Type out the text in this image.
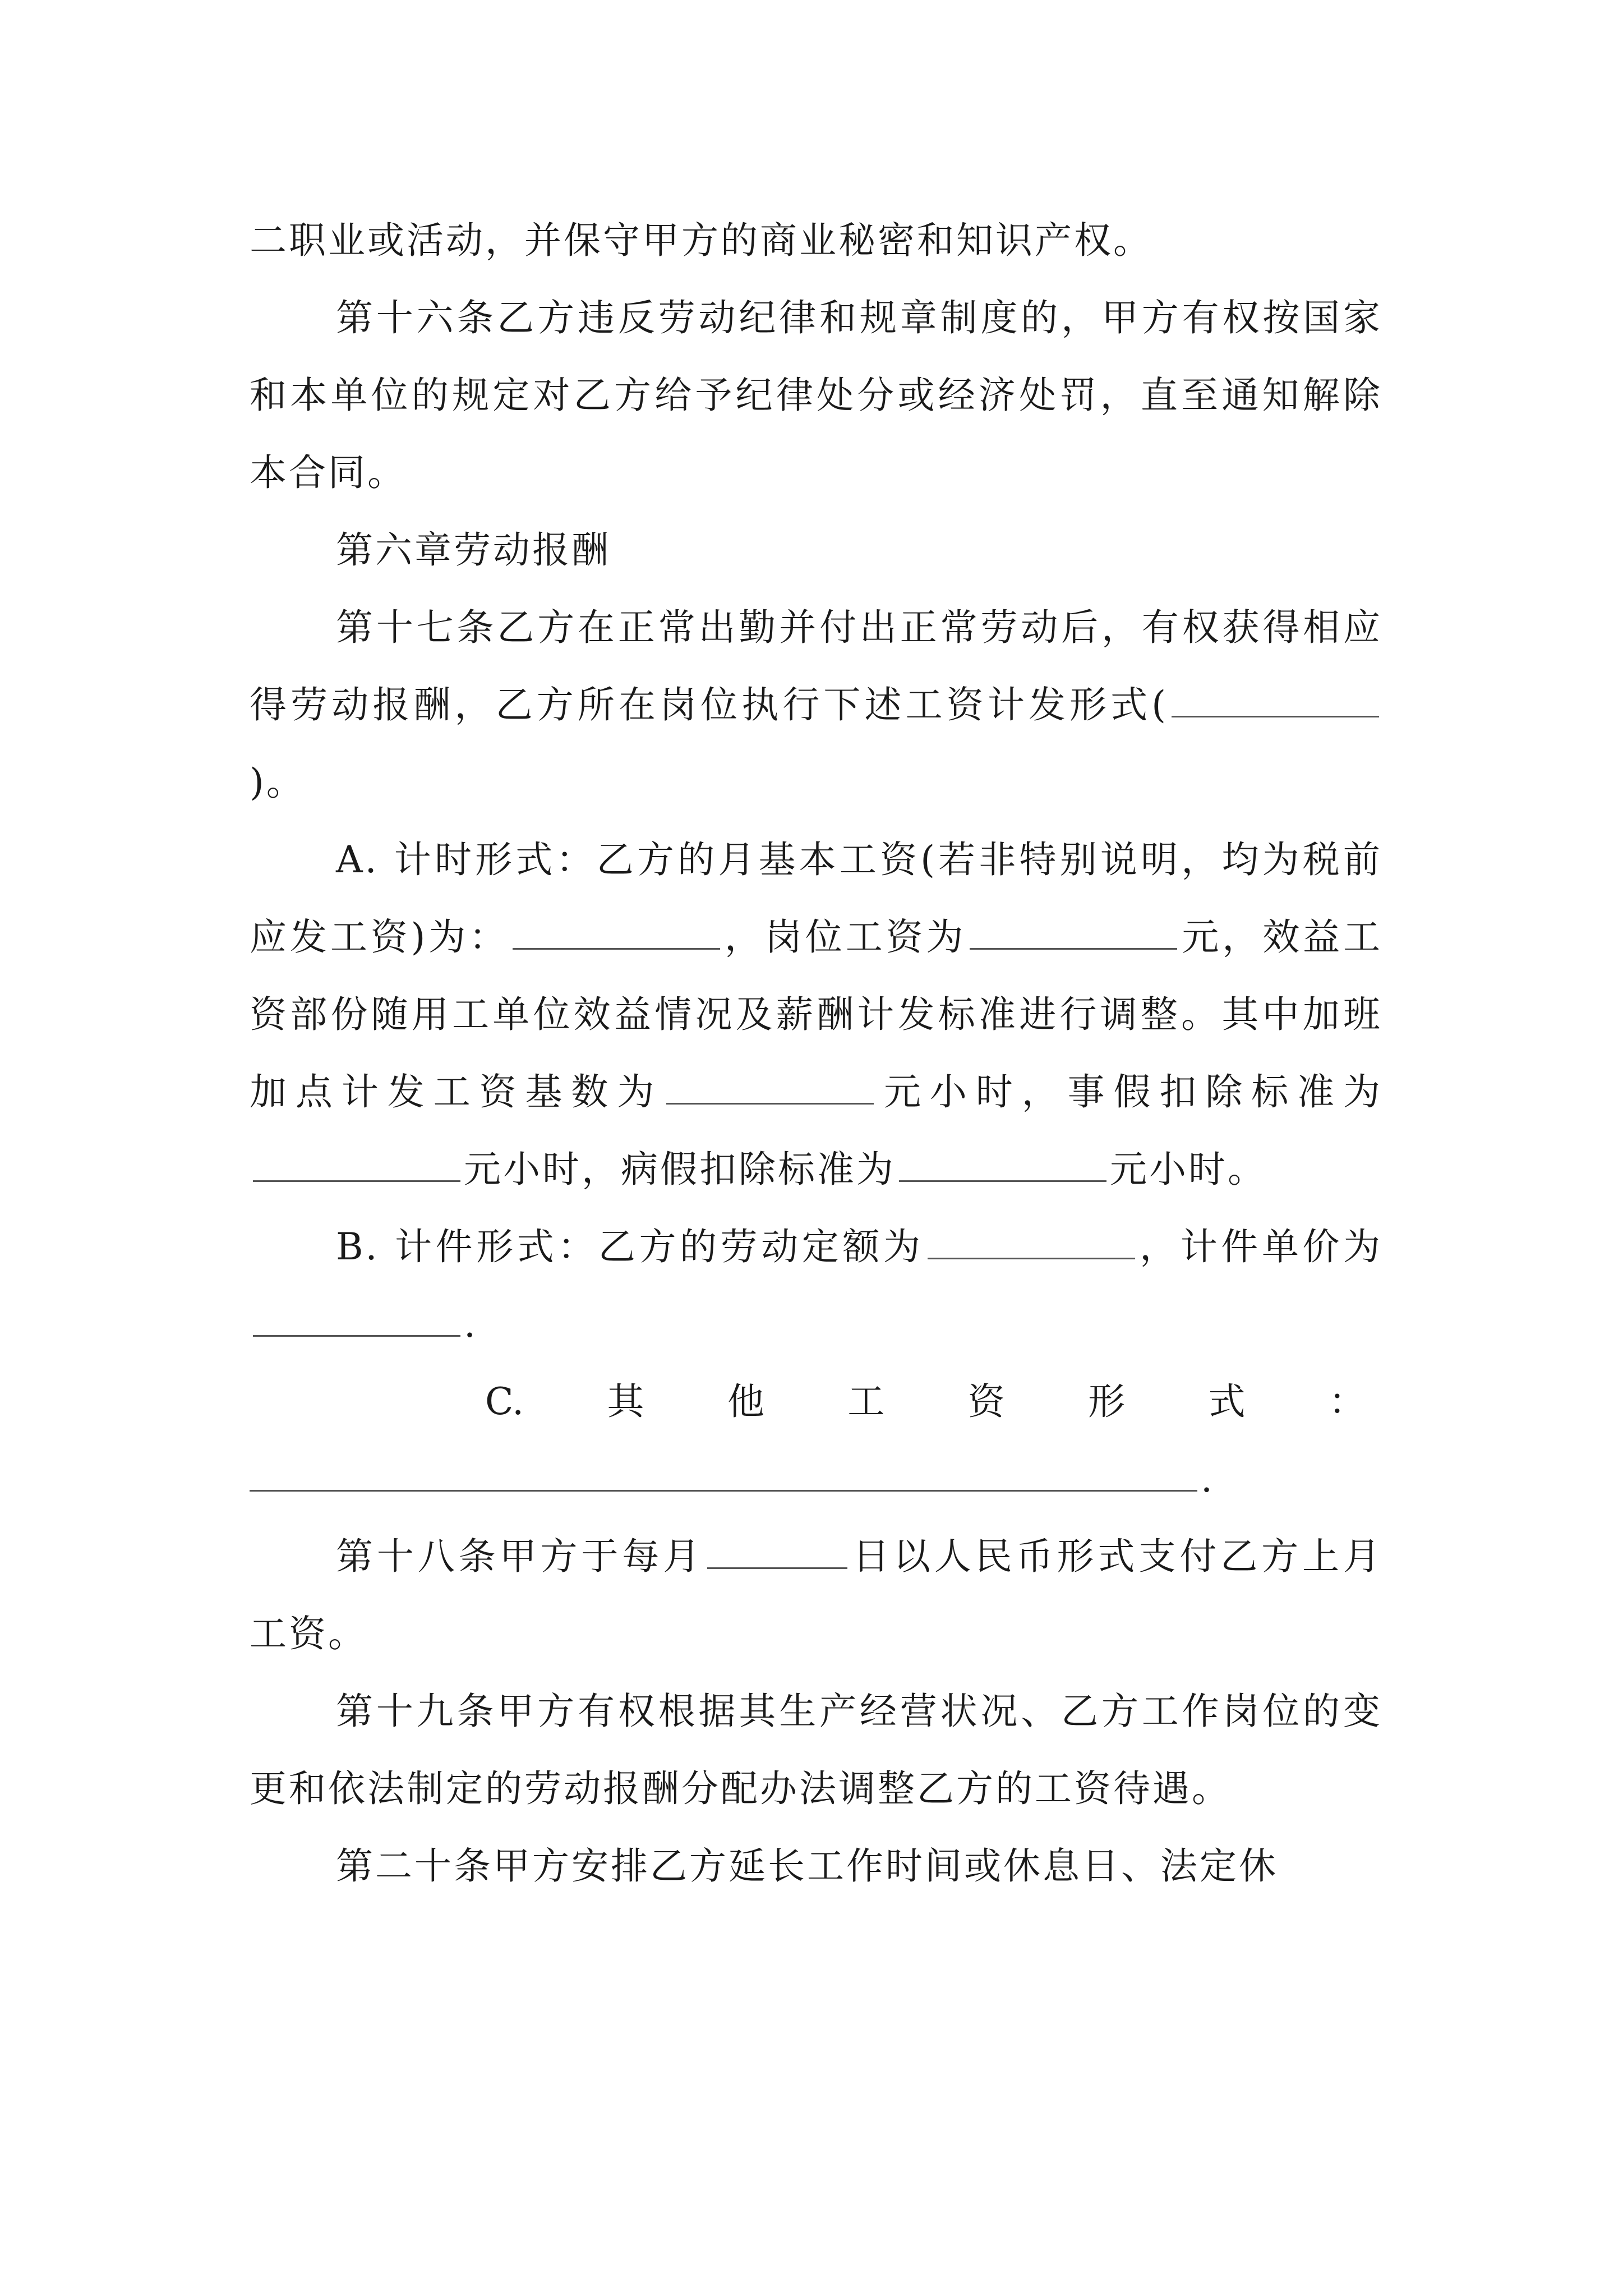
二职业或活动，并保守甲方的商业秘密和知识产权。

第十六条乙方违反劳动纪律和规章制度的，甲方有权按国家和本单位的规定对乙方给予纪律处分或经济处罚，直至通知解除本合同。

第六章劳动报酬

第十七条乙方在正常出勤并付出正常劳动后，有权获得相应得劳动报酬，乙方所在岗位执行下述工资计发形式()。

A. 计时形式：乙方的月基本工资(若非特别说明，均为税前应发工资)为：	，岗位工资为	元，效益工资部份随用工单位效益情况及薪酬计发标准进行调整。其中加班加点计发工资基数为	元小时，事假扣除标准为元小时，病假扣除标准为	元小时。

B. 计件形式：乙方的劳动定额为	，计件单价为.

C. 其 他 工 资 形 式 ：

.

第十八条甲方于每月	日以人民币形式支付乙方上月工资。

第十九条甲方有权根据其生产经营状况、乙方工作岗位的变更和依法制定的劳动报酬分配办法调整乙方的工资待遇。

第二十条甲方安排乙方延长工作时间或休息日、法定休
